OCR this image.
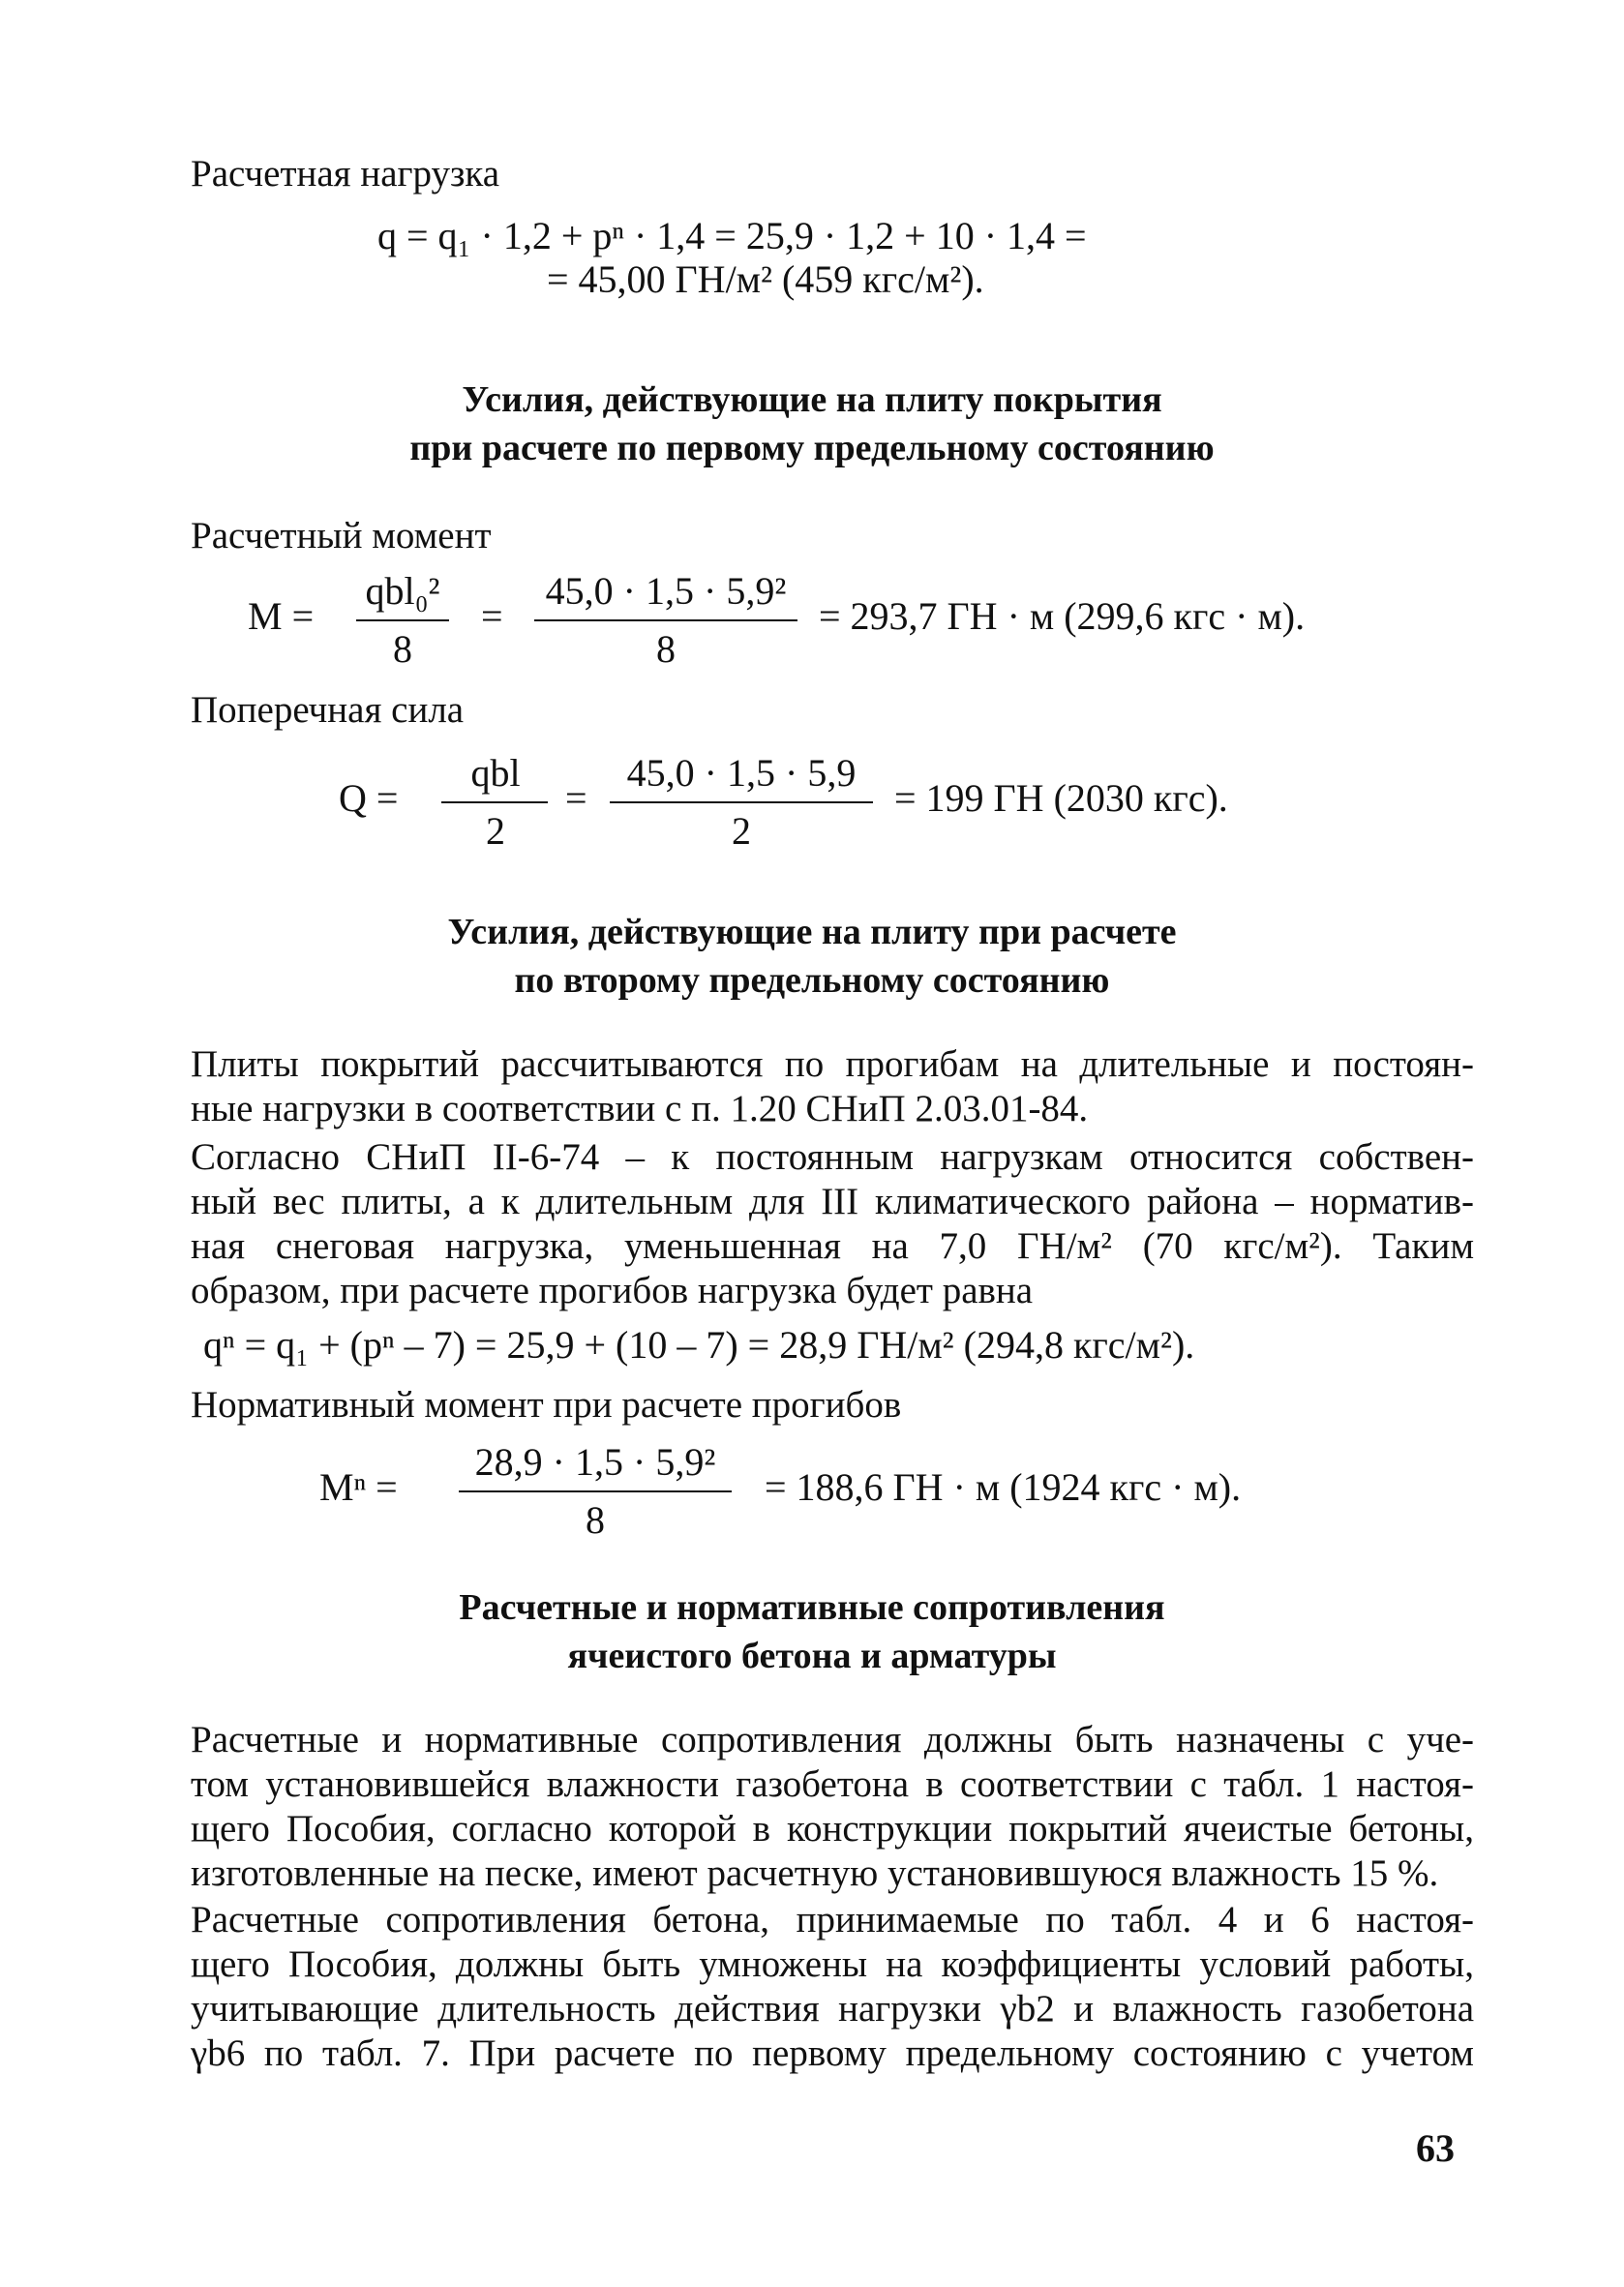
Расчетная нагрузка
q = q₁ · 1,2 + pⁿ · 1,4 = 25,9 · 1,2 + 10 · 1,4 =
= 45,00 ГН/м² (459 кгс/м²).
Усилия, действующие на плиту покрытия
при расчете по первому предельному состоянию
Расчетный момент
M =
qbl₀²
8
=
45,0 · 1,5 · 5,9²
8
= 293,7 ГН · м (299,6 кгс · м).
Поперечная сила
Q =
qbl
2
=
45,0 · 1,5 · 5,9
2
= 199 ГН (2030 кгс).
Усилия, действующие на плиту при расчете
по второму предельному состоянию
Плиты покрытий рассчитываются по прогибам на длительные и постоян-
ные нагрузки в соответствии с п. 1.20 СНиП 2.03.01-84.
Согласно СНиП II-6-74 – к постоянным нагрузкам относится собствен-
ный вес плиты, а к длительным для III климатического района – норматив-
ная снеговая нагрузка, уменьшенная на 7,0 ГН/м² (70 кгс/м²). Таким
образом, при расчете прогибов нагрузка будет равна
qⁿ = q₁ + (pⁿ – 7) = 25,9 + (10 – 7) = 28,9 ГН/м² (294,8 кгс/м²).
Нормативный момент при расчете прогибов
Mⁿ =
28,9 · 1,5 · 5,9²
8
= 188,6 ГН · м (1924 кгс · м).
Расчетные и нормативные сопротивления
ячеистого бетона и арматуры
Расчетные и нормативные сопротивления должны быть назначены с уче-
том установившейся влажности газобетона в соответствии с табл. 1 настоя-
щего Пособия, согласно которой в конструкции покрытий ячеистые бетоны,
изготовленные на песке, имеют расчетную установившуюся влажность 15 %.
Расчетные сопротивления бетона, принимаемые по табл. 4 и 6 настоя-
щего Пособия, должны быть умножены на коэффициенты условий работы,
учитывающие длительность действия нагрузки γb2 и влажность газобетона
γb6 по табл. 7. При расчете по первому предельному состоянию с учетом
63
